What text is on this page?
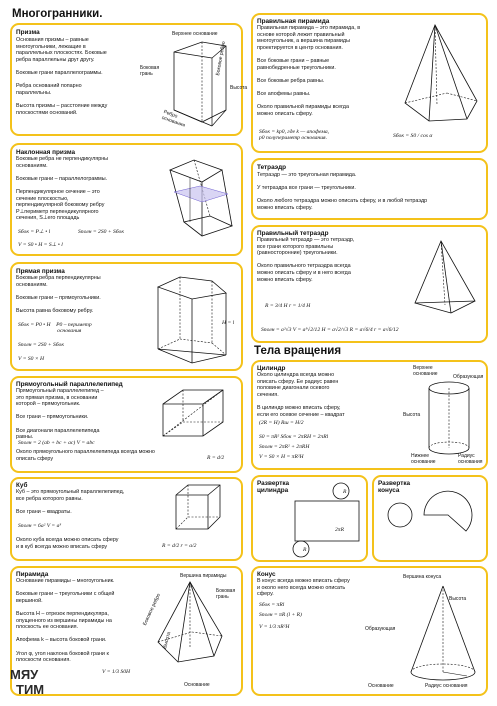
Многогранники.
Призма
Основания призмы – равные
многоугольники, лежащие в
параллельных плоскостях. Боковые
ребра параллельны друг другу.

Боковые грани параллелограммы.

Ребра оснований попарно
параллельны.

Высота призмы – расстояние между
плоскостями оснований.
Верхнее основание
Боковая
грань	Боковое ребро
Высота
Ребро
основания
Наклонная призма
Боковые ребра не перпендикулярны
основаниям.

Боковые грани – параллелограммы.

Перпендикулярное сечение – это
сечение плоскостью,
перпендикулярной боковому ребру
P⊥периметр перпендикулярного
сечения, S⊥его площадь
Sбок = P⊥ • l	Sполн = 2S0 + Sбок
V = S0 • H = S⊥ • l
Прямая призма
Боковые ребра перпендикулярны
основаниям.

Боковые грани – прямоугольники.

Высота равна боковому ребру.
Sбок = P0 • H    P0 – периметр
основания
Sполн = 2S0 + Sбок
V = S0 × H
H = l
Прямоугольный параллелепипед
Прямоугольный параллелепипед –
это прямая призма, в основании
которой – прямоугольник.

Все грани – прямоугольники.

Все диагонали параллелепипеда
равны.
Sполн = 2 (ab + bc + ac) V = abc
Около прямоугольного параллелепипеда всегда можно
описать сферу	R = d/2
Куб
Куб – это прямоугольный параллелепипед,
все ребра которого равны.

Все грани – квадраты.
Sполн = 6a² V = a³
Около куба всегда можно описать сферу
и в куб всегда можно вписать сферу	R = d/2 r = a/2
Пирамида
Основание пирамиды – многоугольник.

Боковые грани – треугольники с общей
вершиной.

Высота H – отрезок перпендикуляра,
опущенного из вершины пирамиды на
плоскость ее основания.

Апофема k – высота боковой грани.

Угол φ, угол наклона боковой грани к
плоскости основания.
V = 1/3 S0H
Вершина пирамиды
Боковая
грань
Боковое ребро
Высота
Основание
МЯУ
ТИМ
Правильная пирамида
Правильная пирамида – это пирамида, в
основе которой лежит правильный
многоугольник, а вершина пирамиды
проектируется в центр основания.

Все боковые грани – равные
равнобедренные треугольники.

Все боковые ребра равны.

Все апофемы равны.

Около правильной пирамиды всегда
можно описать сферу.
Sбок = kp0, где k — апофема,
p0 полупериметр основания.	Sбок = S0 / cos α
Тетраэдр
Тетраэдр — это треугольная пирамида.

У тетраэдра все грани — треугольники.

Около любого тетраэдра можно описать сферу, и в любой тетраэдр
можно вписать сферу.
Правильный тетраэдр
Правильный тетраэдр — это тетраэдр,
все грани которого правильны
(равносторонние) треугольники.

Около правильного тетраэдра всегда
можно описать сферу и в него всегда
можно вписать сферу.
R = 3/4 H r = 1/4 H
Sполн = a²√3 V = a³√2/12 H = a√2/√3 R = a√6/4 r = a√6/12
Тела вращения
Цилиндр
Около цилиндра всегда можно
описать сферу. Ее радиус равен
половине диагонали осевого
сечения.

В цилиндр можно вписать сферу,
если его осевое сечение – квадрат
(2R = H) Rш = H/2
S0 = πR² Sбок = 2πRH = 2πRl
Sполн = 2πR² + 2πRH
V = S0 × H = πR²H
Верхнее
основание	Образующая
Высота
Нижнее
основание
Радиус
основания
Развертка
цилиндра
2πR
R
R
Развертка
конуса
Конус
В конус всегда можно вписать сферу
и около него всегда можно описать
сферу.
Sбок = πRl
Sполн = πR (l + R)
V = 1/3 πR²H
Вершина конуса
Высота
Образующая
Основание	Радиус основания
